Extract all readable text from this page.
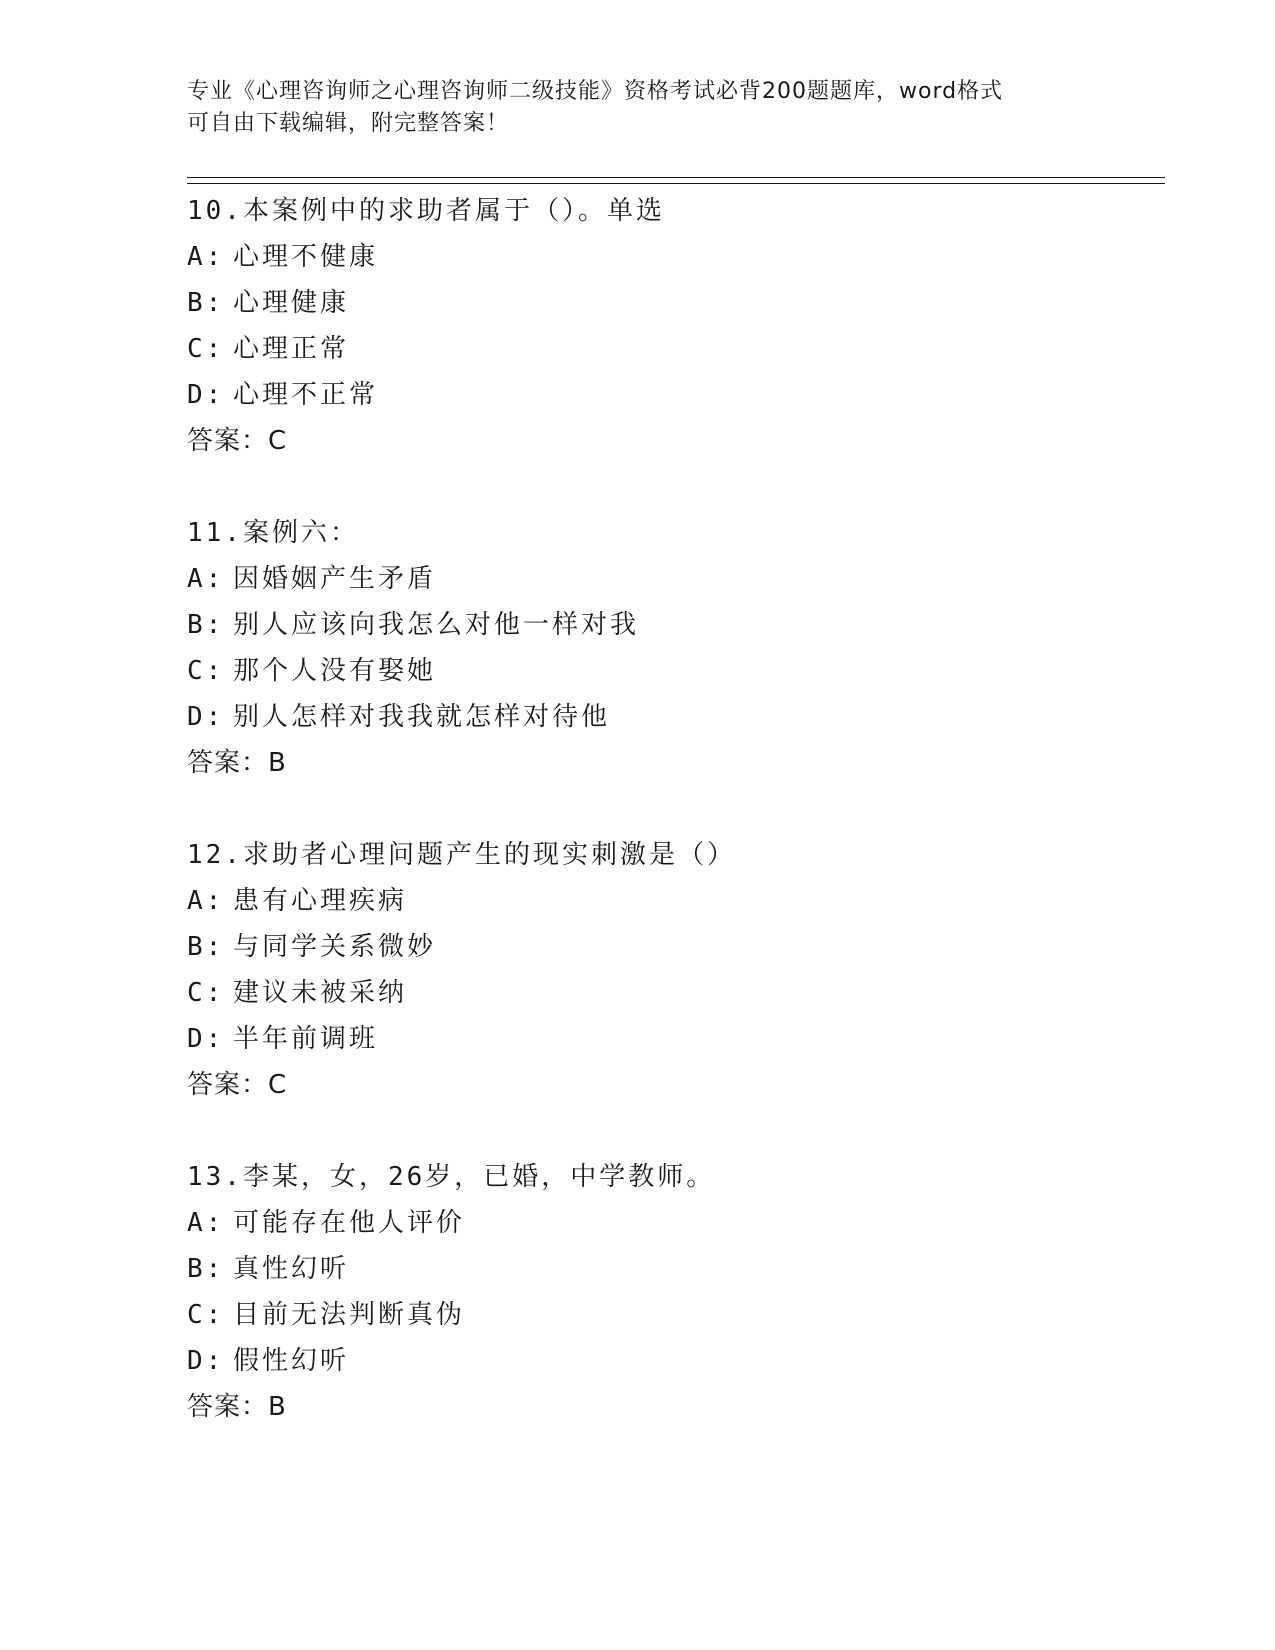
专业《心理咨询师之心理咨询师二级技能》资格考试必背200题题库，word格式
可自由下载编辑，附完整答案！
10.本案例中的求助者属于（）。单选
A: 心理不健康
B: 心理健康
C: 心理正常
D: 心理不正常
答案：C
11.案例六：
A: 因婚姻产生矛盾
B: 别人应该向我怎么对他一样对我
C: 那个人没有娶她
D: 别人怎样对我我就怎样对待他
答案：B
12.求助者心理问题产生的现实刺激是（）
A: 患有心理疾病
B: 与同学关系微妙
C: 建议未被采纳
D: 半年前调班
答案：C
13.李某，女，26岁，已婚，中学教师。
A: 可能存在他人评价
B: 真性幻听
C: 目前无法判断真伪
D: 假性幻听
答案：B
